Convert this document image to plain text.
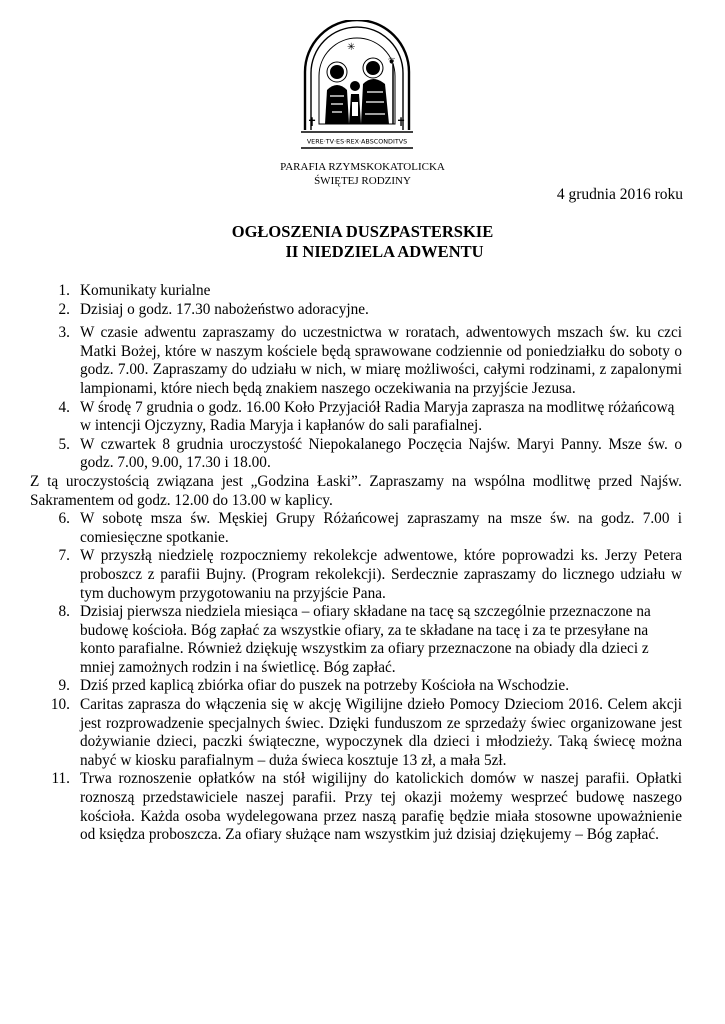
✳
❦
✝	✝
VERE·TV·ES·REX·ABSCONDITVS
PARAFIA RZYMSKOKATOLICKA
ŚWIĘTEJ RODZINY
4 grudnia 2016 roku
OGŁOSZENIA DUSZPASTERSKIE
II NIEDZIELA ADWENTU
1. Komunikaty kurialne
2. Dzisiaj o godz. 17.30 nabożeństwo adoracyjne.
3. W czasie adwentu zapraszamy do uczestnictwa w roratach, adwentowych mszach św. ku czci Matki Bożej, które w naszym kościele będą sprawowane codziennie od poniedziałku do soboty o godz. 7.00. Zapraszamy do udziału w nich, w miarę możliwości, całymi rodzinami, z zapalonymi lampionami, które niech będą znakiem naszego oczekiwania na przyjście Jezusa.
4. W środę 7 grudnia o godz. 16.00 Koło Przyjaciół Radia Maryja zaprasza na modlitwę różańcową w intencji Ojczyzny, Radia Maryja i kapłanów do sali parafialnej.
5. W czwartek 8 grudnia uroczystość Niepokalanego Poczęcia Najśw. Maryi Panny. Msze św. o godz. 7.00, 9.00, 17.30 i 18.00.
Z tą uroczystością związana jest „Godzina Łaski”. Zapraszamy na wspólna modlitwę przed Najśw. Sakramentem od godz. 12.00 do 13.00 w kaplicy.
6. W sobotę msza św. Męskiej Grupy Różańcowej zapraszamy na msze św. na godz. 7.00 i comiesięczne spotkanie.
7. W przyszłą niedzielę rozpoczniemy rekolekcje adwentowe, które poprowadzi ks. Jerzy Petera proboszcz z parafii Bujny. (Program rekolekcji). Serdecznie zapraszamy do licznego udziału w tym duchowym przygotowaniu na przyjście Pana.
8. Dzisiaj pierwsza niedziela miesiąca – ofiary składane na tacę są szczególnie przeznaczone na budowę kościoła. Bóg zapłać za wszystkie ofiary, za te składane na tacę i za te przesyłane na konto parafialne. Również dziękuję wszystkim za ofiary przeznaczone na obiady dla dzieci z mniej zamożnych rodzin i na świetlicę. Bóg zapłać.
9. Dziś przed kaplicą zbiórka ofiar do puszek na potrzeby Kościoła na Wschodzie.
10. Caritas zaprasza do włączenia się w akcję Wigilijne dzieło Pomocy Dzieciom 2016. Celem akcji jest rozprowadzenie specjalnych świec. Dzięki funduszom ze sprzedaży świec organizowane jest dożywianie dzieci, paczki świąteczne, wypoczynek dla dzieci i młodzieży. Taką świecę można nabyć w kiosku parafialnym – duża świeca kosztuje 13 zł, a mała 5zł.
11. Trwa roznoszenie opłatków na stół wigilijny do katolickich domów w naszej parafii. Opłatki roznoszą przedstawiciele naszej parafii. Przy tej okazji możemy wesprzeć budowę naszego kościoła. Każda osoba wydelegowana przez naszą parafię będzie miała stosowne upoważnienie od księdza proboszcza. Za ofiary służące nam wszystkim już dzisiaj dziękujemy – Bóg zapłać.
